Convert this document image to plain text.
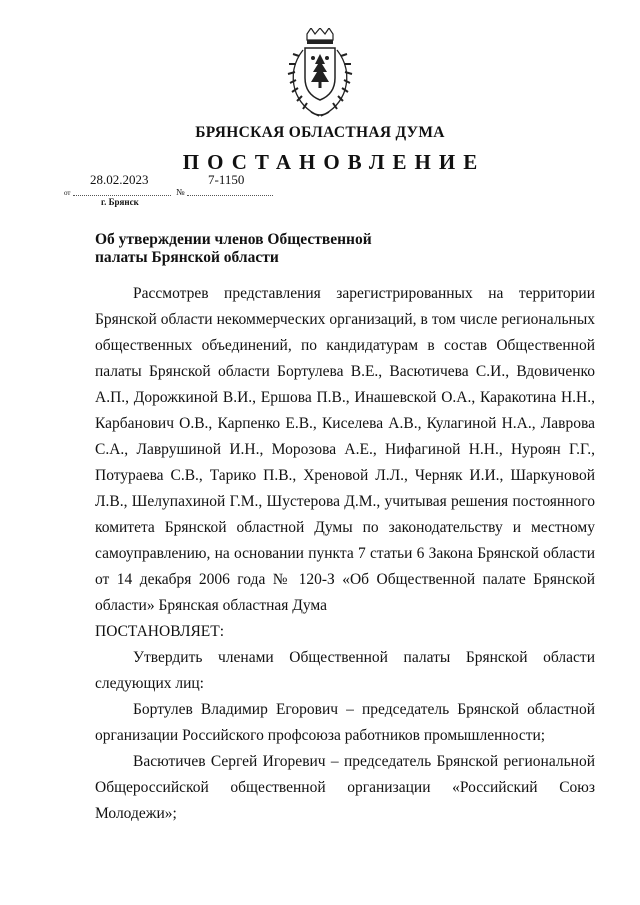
БРЯНСКАЯ ОБЛАСТНАЯ ДУМА
ПОСТАНОВЛЕНИЕ
от
28.02.2023
№
7-1150
г. Брянск
Об утверждении членов Общественной
палаты Брянской области

Рассмотрев представления зарегистрированных на территории Брянской области некоммерческих организаций, в том числе региональных общественных объединений, по кандидатурам в состав Общественной палаты Брянской области Бортулева В.Е., Васютичева С.И., Вдовиченко А.П., Дорожкиной В.И., Ершова П.В., Инашевской О.А., Каракотина Н.Н., Карбанович О.В., Карпенко Е.В., Киселева А.В., Кулагиной Н.А., Лаврова С.А., Лаврушиной И.Н., Морозова А.Е., Нифагиной Н.Н., Нуроян Г.Г., Потураева С.В., Тарико П.В., Хреновой Л.Л., Черняк И.И., Шаркуновой Л.В., Шелупахиной Г.М., Шустерова Д.М., учитывая решения постоянного комитета Брянской областной Думы по законодательству и местному самоуправлению, на основании пункта 7 статьи 6 Закона Брянской области от 14 декабря 2006 года № 120-З «Об Общественной палате Брянской области» Брянская областная Дума

ПОСТАНОВЛЯЕТ:

Утвердить членами Общественной палаты Брянской области следующих лиц:

Бортулев Владимир Егорович – председатель Брянской областной организации Российского профсоюза работников промышленности;

Васютичев Сергей Игоревич – председатель Брянской региональной Общероссийской общественной организации «Российский Союз Молодежи»;
